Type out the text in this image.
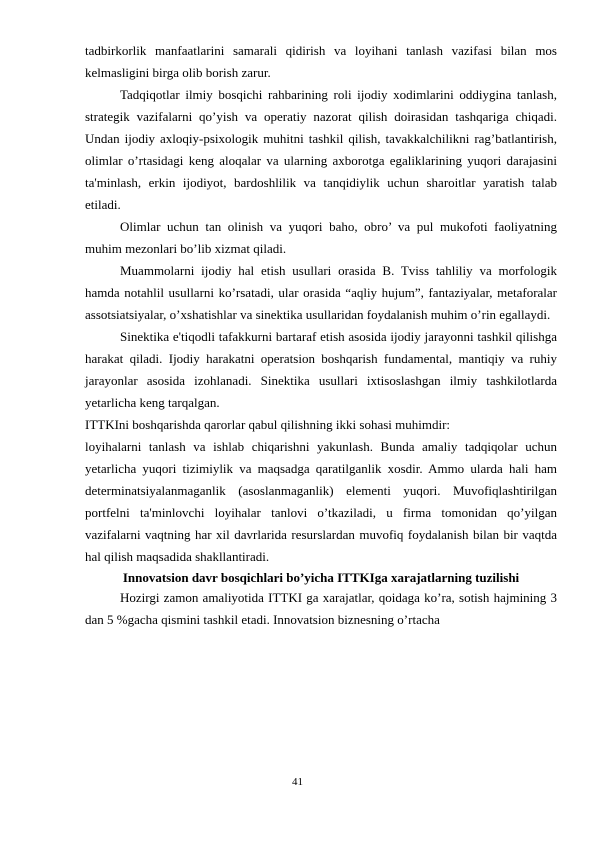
tadbirkorlik manfaatlarini samarali qidirish va loyihani tanlash vazifasi bilan mos kelmasligini birga olib borish zarur.

Tadqiqotlar ilmiy bosqichi rahbarining roli ijodiy xodimlarini oddiygina tanlash, strategik vazifalarni qo’yish va operatiy nazorat qilish doirasidan tashqariga chiqadi. Undan ijodiy axloqiy-psixologik muhitni tashkil qilish, tavakkalchilikni rag’batlantirish, olimlar o’rtasidagi keng aloqalar va ularning axborotga egaliklarining yuqori darajasini ta'minlash, erkin ijodiyot, bardoshlilik va tanqidiylik uchun sharoitlar yaratish talab etiladi.

Olimlar uchun tan olinish va yuqori baho, obro’ va pul mukofoti faoliyatning muhim mezonlari bo’lib xizmat qiladi.

Muammolarni ijodiy hal etish usullari orasida B. Tviss tahliliy va morfologik hamda notahlil usullarni ko’rsatadi, ular orasida “aqliy hujum”, fantaziyalar, metaforalar assotsiatsiyalar, o’xshatishlar va sinektika usullaridan foydalanish muhim o’rin egallaydi.

Sinektika e'tiqodli tafakkurni bartaraf etish asosida ijodiy jarayonni tashkil qilishga harakat qiladi. Ijodiy harakatni operatsion boshqarish fundamental, mantiqiy va ruhiy jarayonlar asosida izohlanadi. Sinektika usullari ixtisoslashgan ilmiy tashkilotlarda yetarlicha keng tarqalgan.

ITTKIni boshqarishda qarorlar qabul qilishning ikki sohasi muhimdir:

loyihalarni tanlash va ishlab chiqarishni yakunlash. Bunda amaliy tadqiqolar uchun yetarlicha yuqori tizimiylik va maqsadga qaratilganlik xosdir. Ammo ularda hali ham determinatsiyalanmaganlik (asoslanmaganlik) elementi yuqori. Muvofiqlashtirilgan portfelni ta'minlovchi loyihalar tanlovi o’tkaziladi, u firma tomonidan qo’yilgan vazifalarni vaqtning har xil davrlarida resurslardan muvofiq foydalanish bilan bir vaqtda hal qilish maqsadida shakllantiradi.

Innovatsion davr bosqichlari bo’yicha ITTKIga xarajatlarning tuzilishi

Hozirgi zamon amaliyotida ITTKI ga xarajatlar, qoidaga ko’ra, sotish hajmining 3 dan 5 %gacha qismini tashkil etadi. Innovatsion biznesning o’rtacha

41
